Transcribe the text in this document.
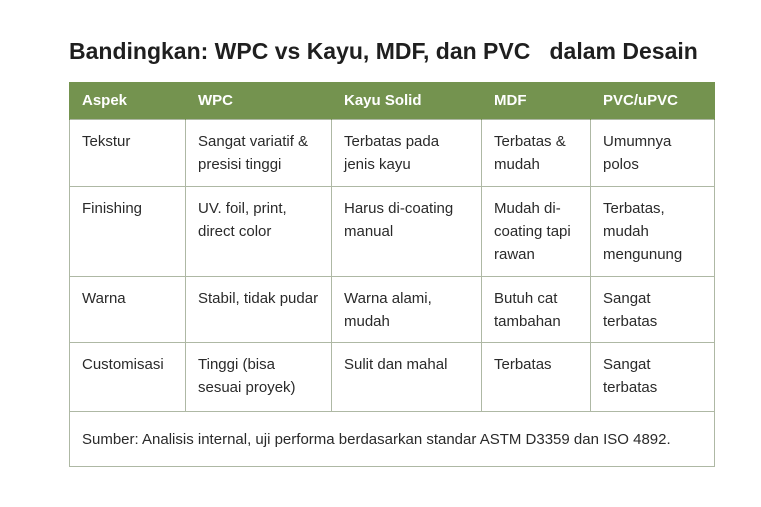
Bandingkan: WPC vs Kayu, MDF, dan PVC   dalam Desain
Aspek	WPC	Kayu Solid	MDF	PVC/uPVC
Tekstur	Sangat variatif & presisi tinggi	Terbatas pada jenis kayu	Terbatas & mudah	Umumnya polos
Finishing	UV. foil, print, direct color	Harus di-coating manual	Mudah di-coating tapi rawan	Terbatas, mudah mengunung
Warna	Stabil, tidak pudar	Warna alami, mudah	Butuh cat tambahan	Sangat terbatas
Customisasi	Tinggi (bisa sesuai proyek)	Sulit dan mahal	Terbatas	Sangat terbatas
Sumber: Analisis internal, uji performa berdasarkan standar ASTM D3359 dan ISO 4892.				
